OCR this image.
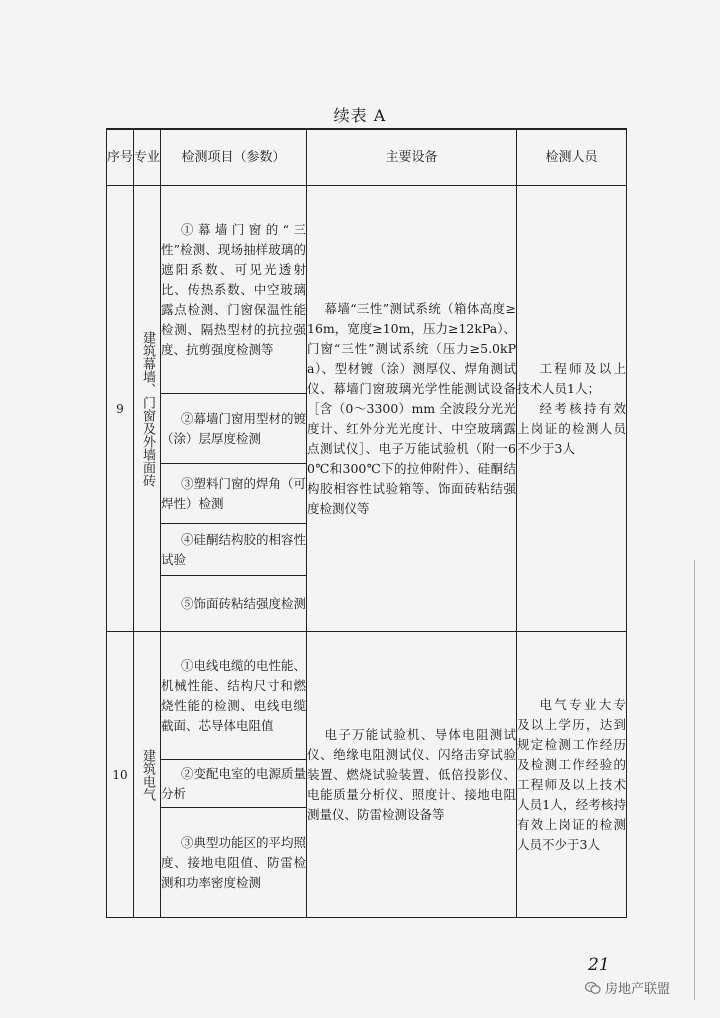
续表 A
序号	专业	检测项目（参数）	主要设备	检测人员
9	建筑幕墙、门窗及外墙面砖	①幕墙门窗的“三性”检测、现场抽样玻璃的遮阳系数、可见光透射比、传热系数、中空玻璃露点检测、门窗保温性能检测、隔热型材的抗拉强度、抗剪强度检测等	幕墙“三性”测试系统（箱体高度≥16m，宽度≥10m，压力≥12kPa）、门窗“三性”测试系统（压力≥5.0kPa）、型材镀（涂）测厚仪、焊角测试仪、幕墙门窗玻璃光学性能测试设备［含（0～3300）mm 全波段分光光度计、红外分光光度计、中空玻璃露点测试仪］、电子万能试验机（附一60℃和300℃下的拉伸附件）、硅酮结构胶相容性试验箱等、饰面砖粘结强度检测仪等	工程师及以上技术人员1人；

经考核持有效上岗证的检测人员不少于3人

		②幕墙门窗用型材的镀（涂）层厚度检测		
		③塑料门窗的焊角（可焊性）检测		
		④硅酮结构胶的相容性试验		
		⑤饰面砖粘结强度检测		
10	建筑电气	①电线电缆的电性能、机械性能、结构尺寸和燃烧性能的检测、电线电缆截面、芯导体电阻值	电子万能试验机、导体电阻测试仪、绝缘电阻测试仪、闪络击穿试验装置、燃烧试验装置、低倍投影仪、电能质量分析仪、照度计、接地电阻测量仪、防雷检测设备等	电气专业大专及以上学历，达到规定检测工作经历及检测工作经验的工程师及以上技术人员1人，经考核持有效上岗证的检测人员不少于3人

		②变配电室的电源质量分析		
		③典型功能区的平均照度、接地电阻值、防雷检测和功率密度检测		
21
房地产联盟
